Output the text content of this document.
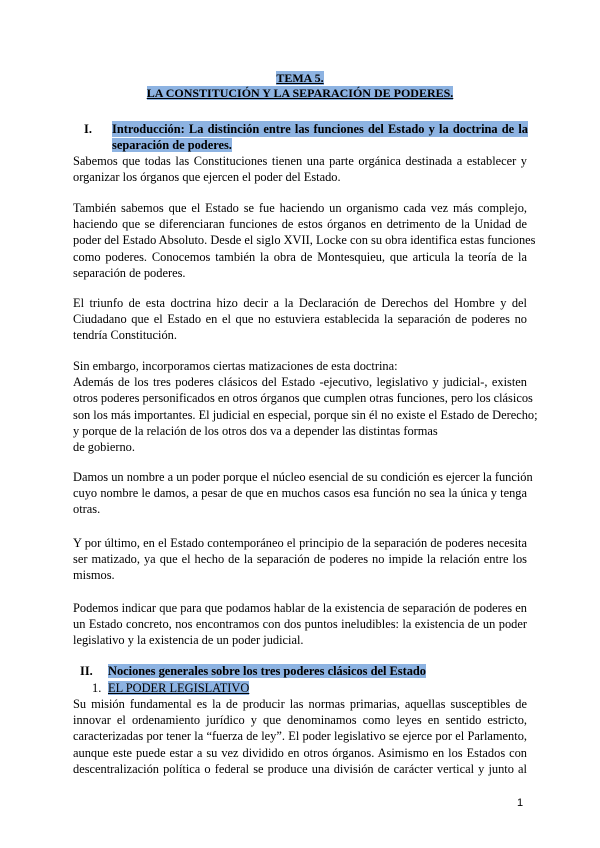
TEMA 5.
LA CONSTITUCIÓN Y LA SEPARACIÓN DE PODERES.
I. Introducción: La distinción entre las funciones del Estado y la doctrina de la
separación de poderes.
Sabemos que todas las Constituciones tienen una parte orgánica destinada a establecer y
organizar los órganos que ejercen el poder del Estado.
También sabemos que el Estado se fue haciendo un organismo cada vez más complejo,
haciendo que se diferenciaran funciones de estos órganos en detrimento de la Unidad de
poder del Estado Absoluto. Desde el siglo XVII, Locke con su obra identifica estas funciones
como poderes. Conocemos también la obra de Montesquieu, que articula la teoría de la
separación de poderes.
El triunfo de esta doctrina hizo decir a la Declaración de Derechos del Hombre y del
Ciudadano que el Estado en el que no estuviera establecida la separación de poderes no
tendría Constitución.
Sin embargo, incorporamos ciertas matizaciones de esta doctrina:
Además de los tres poderes clásicos del Estado -ejecutivo, legislativo y judicial-, existen
otros poderes personificados en otros órganos que cumplen otras funciones, pero los clásicos
son los más importantes. El judicial en especial, porque sin él no existe el Estado de Derecho;
y porque de la relación de los otros dos va a depender las distintas formas
de gobierno.
Damos un nombre a un poder porque el núcleo esencial de su condición es ejercer la función
cuyo nombre le damos, a pesar de que en muchos casos esa función no sea la única y tenga
otras.
Y por último, en el Estado contemporáneo el principio de la separación de poderes necesita
ser matizado, ya que el hecho de la separación de poderes no impide la relación entre los
mismos.
Podemos indicar que para que podamos hablar de la existencia de separación de poderes en
un Estado concreto, nos encontramos con dos puntos ineludibles: la existencia de un poder
legislativo y la existencia de un poder judicial.
II. Nociones generales sobre los tres poderes clásicos del Estado
1. EL PODER LEGISLATIVO
Su misión fundamental es la de producir las normas primarias, aquellas susceptibles de
innovar el ordenamiento jurídico y que denominamos como leyes en sentido estricto,
caracterizadas por tener la “fuerza de ley”. El poder legislativo se ejerce por el Parlamento,
aunque este puede estar a su vez dividido en otros órganos. Asimismo en los Estados con
descentralización política o federal se produce una división de carácter vertical y junto al
1
